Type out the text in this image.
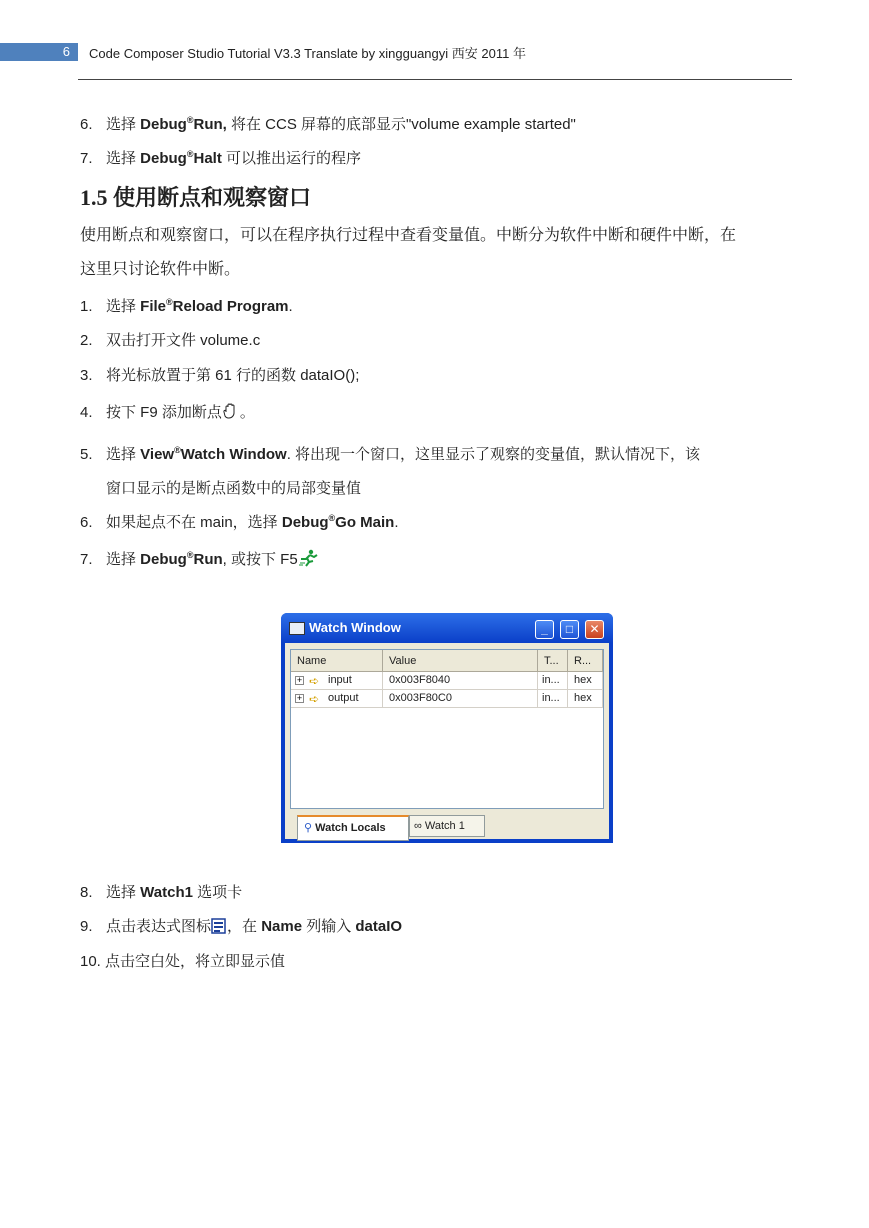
6 Code Composer Studio Tutorial V3.3 Translate by xingguangyi 西安 2011 年
6. 选择 Debug®Run, 将在 CCS 屏幕的底部显示"volume example started"
7. 选择 Debug®Halt 可以推出运行的程序
1.5 使用断点和观察窗口
使用断点和观察窗口，可以在程序执行过程中查看变量值。中断分为软件中断和硬件中断，在
这里只讨论软件中断。
1. 选择 File®Reload Program.
2. 双击打开文件 volume.c
3. 将光标放置于第 61 行的函数 dataIO();
4. 按下 F9 添加断点 。
5. 选择 View®Watch Window. 将出现一个窗口，这里显示了观察的变量值，默认情况下，该
窗口显示的是断点函数中的局部变量值
6. 如果起点不在 main，选择 Debug®Go Main.
7. 选择 Debug®Run, 或按下 F5
Watch Window	_	□	✕
Name	Value	T...	R...
+ ➪ input	0x003F8040	in...	hex
+ ➪ output	0x003F80C0	in...	hex
⚲ Watch Locals	∞ Watch 1
8. 选择 Watch1 选项卡
9. 点击表达式图标 ，在 Name 列输入 dataIO
10. 点击空白处，将立即显示值
